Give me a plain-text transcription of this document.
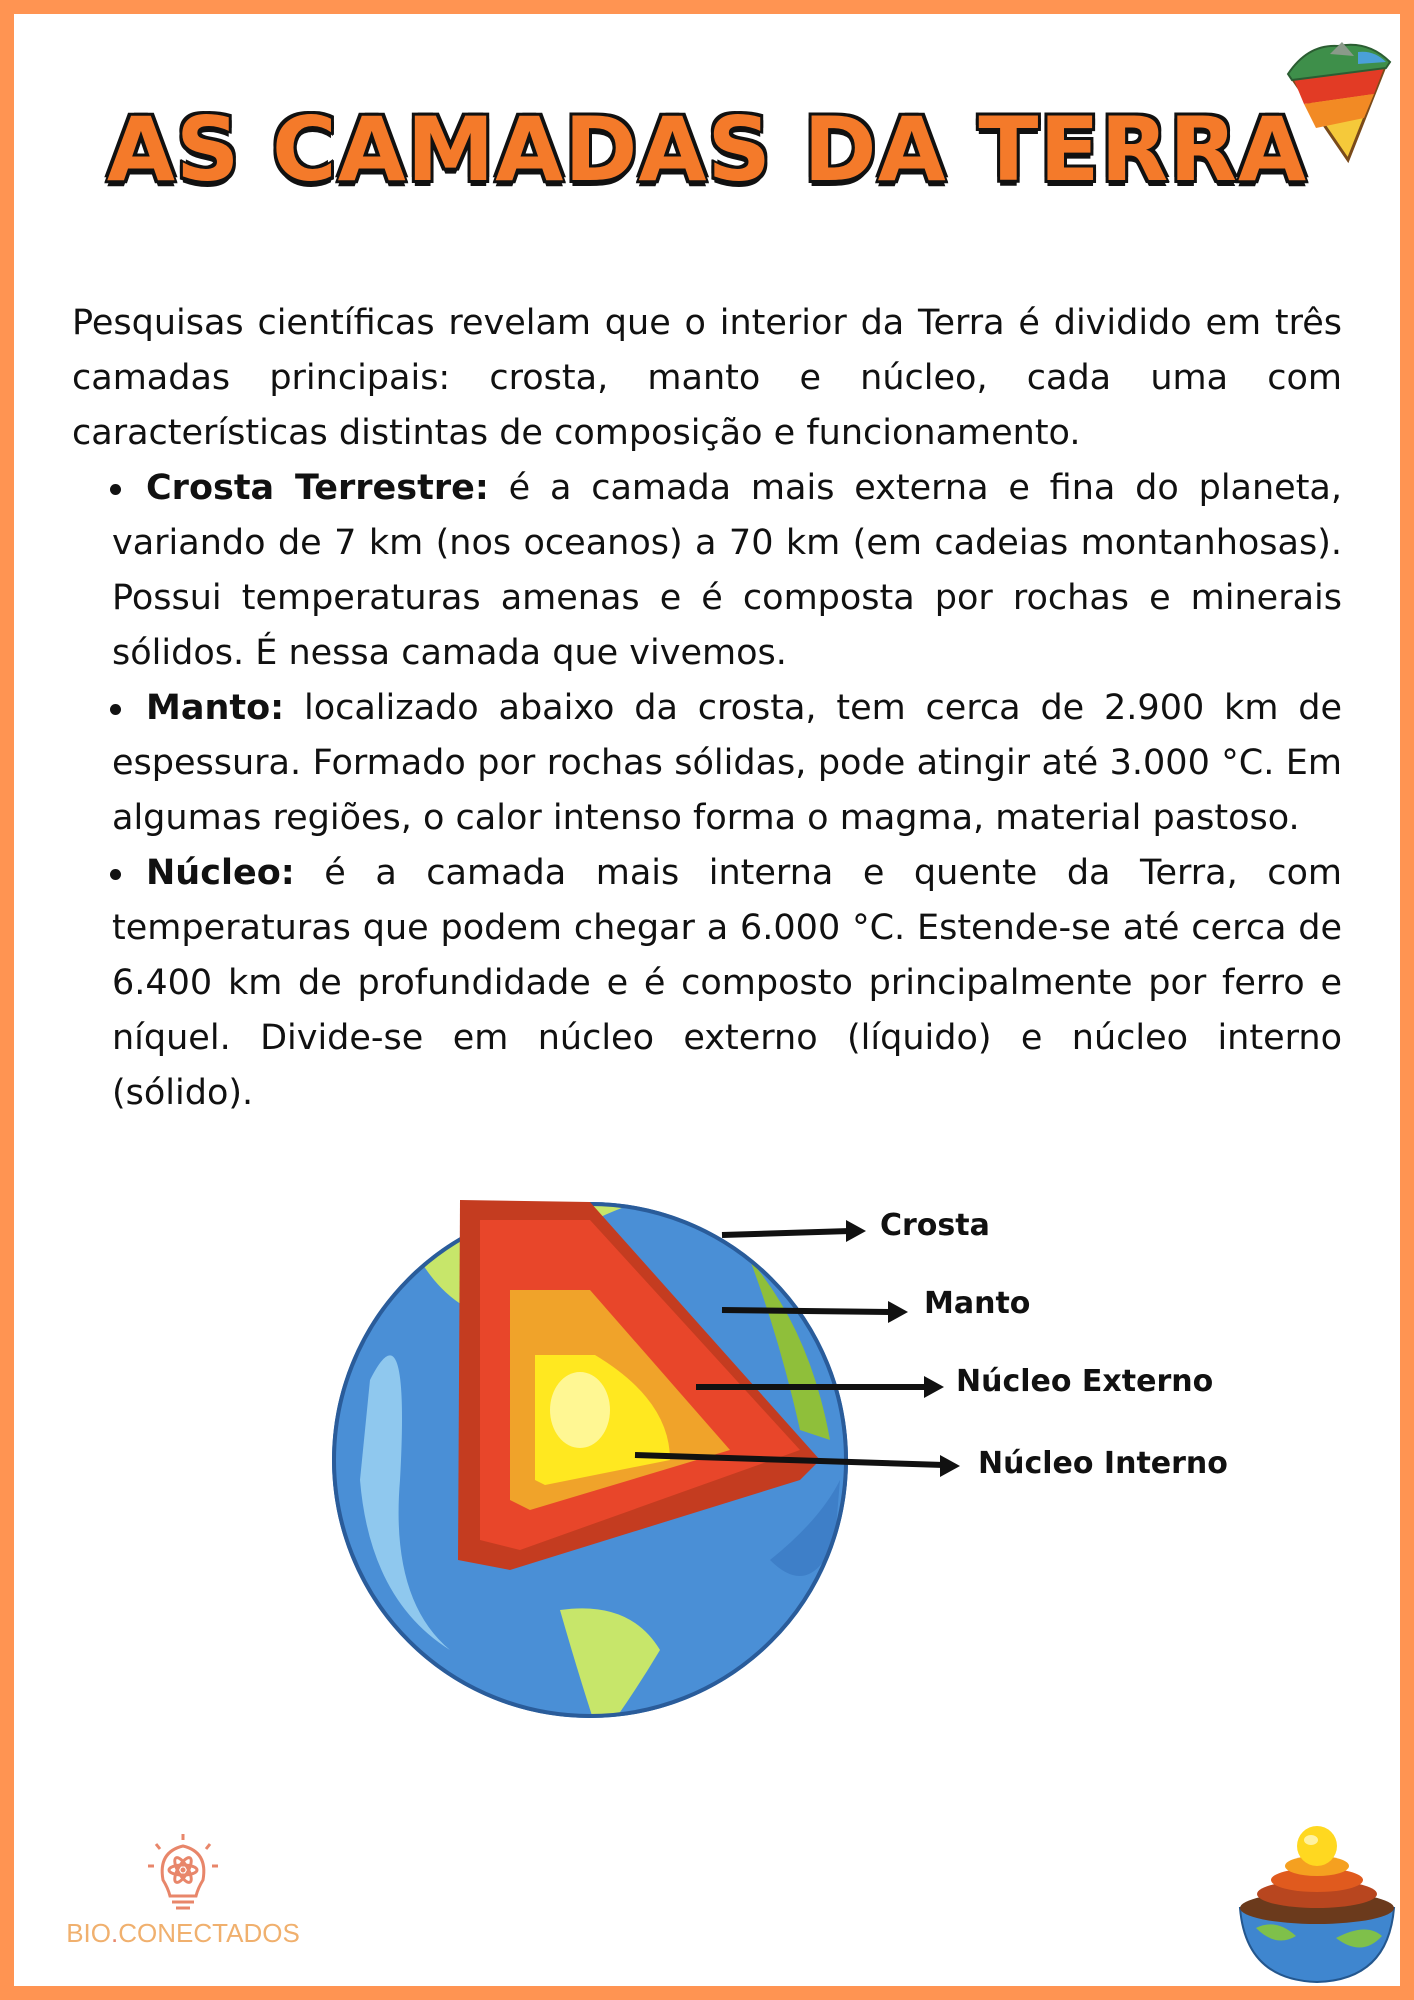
AS CAMADAS DA TERRA

Pesquisas científicas revelam que o interior da Terra é dividido em três camadas principais: crosta, manto e núcleo, cada uma com características distintas de composição e funcionamento.

Crosta Terrestre: é a camada mais externa e fina do planeta, variando de 7 km (nos oceanos) a 70 km (em cadeias montanhosas). Possui temperaturas amenas e é composta por rochas e minerais sólidos. É nessa camada que vivemos.
Manto: localizado abaixo da crosta, tem cerca de 2.900 km de espessura. Formado por rochas sólidas, pode atingir até 3.000 °C. Em algumas regiões, o calor intenso forma o magma, material pastoso.
Núcleo: é a camada mais interna e quente da Terra, com temperaturas que podem chegar a 6.000 °C. Estende-se até cerca de 6.400 km de profundidade e é composto principalmente por ferro e níquel. Divide-se em núcleo externo (líquido) e núcleo interno (sólido).
Crosta
Manto
Núcleo Externo
Núcleo Interno
BIO.CONECTADOS
